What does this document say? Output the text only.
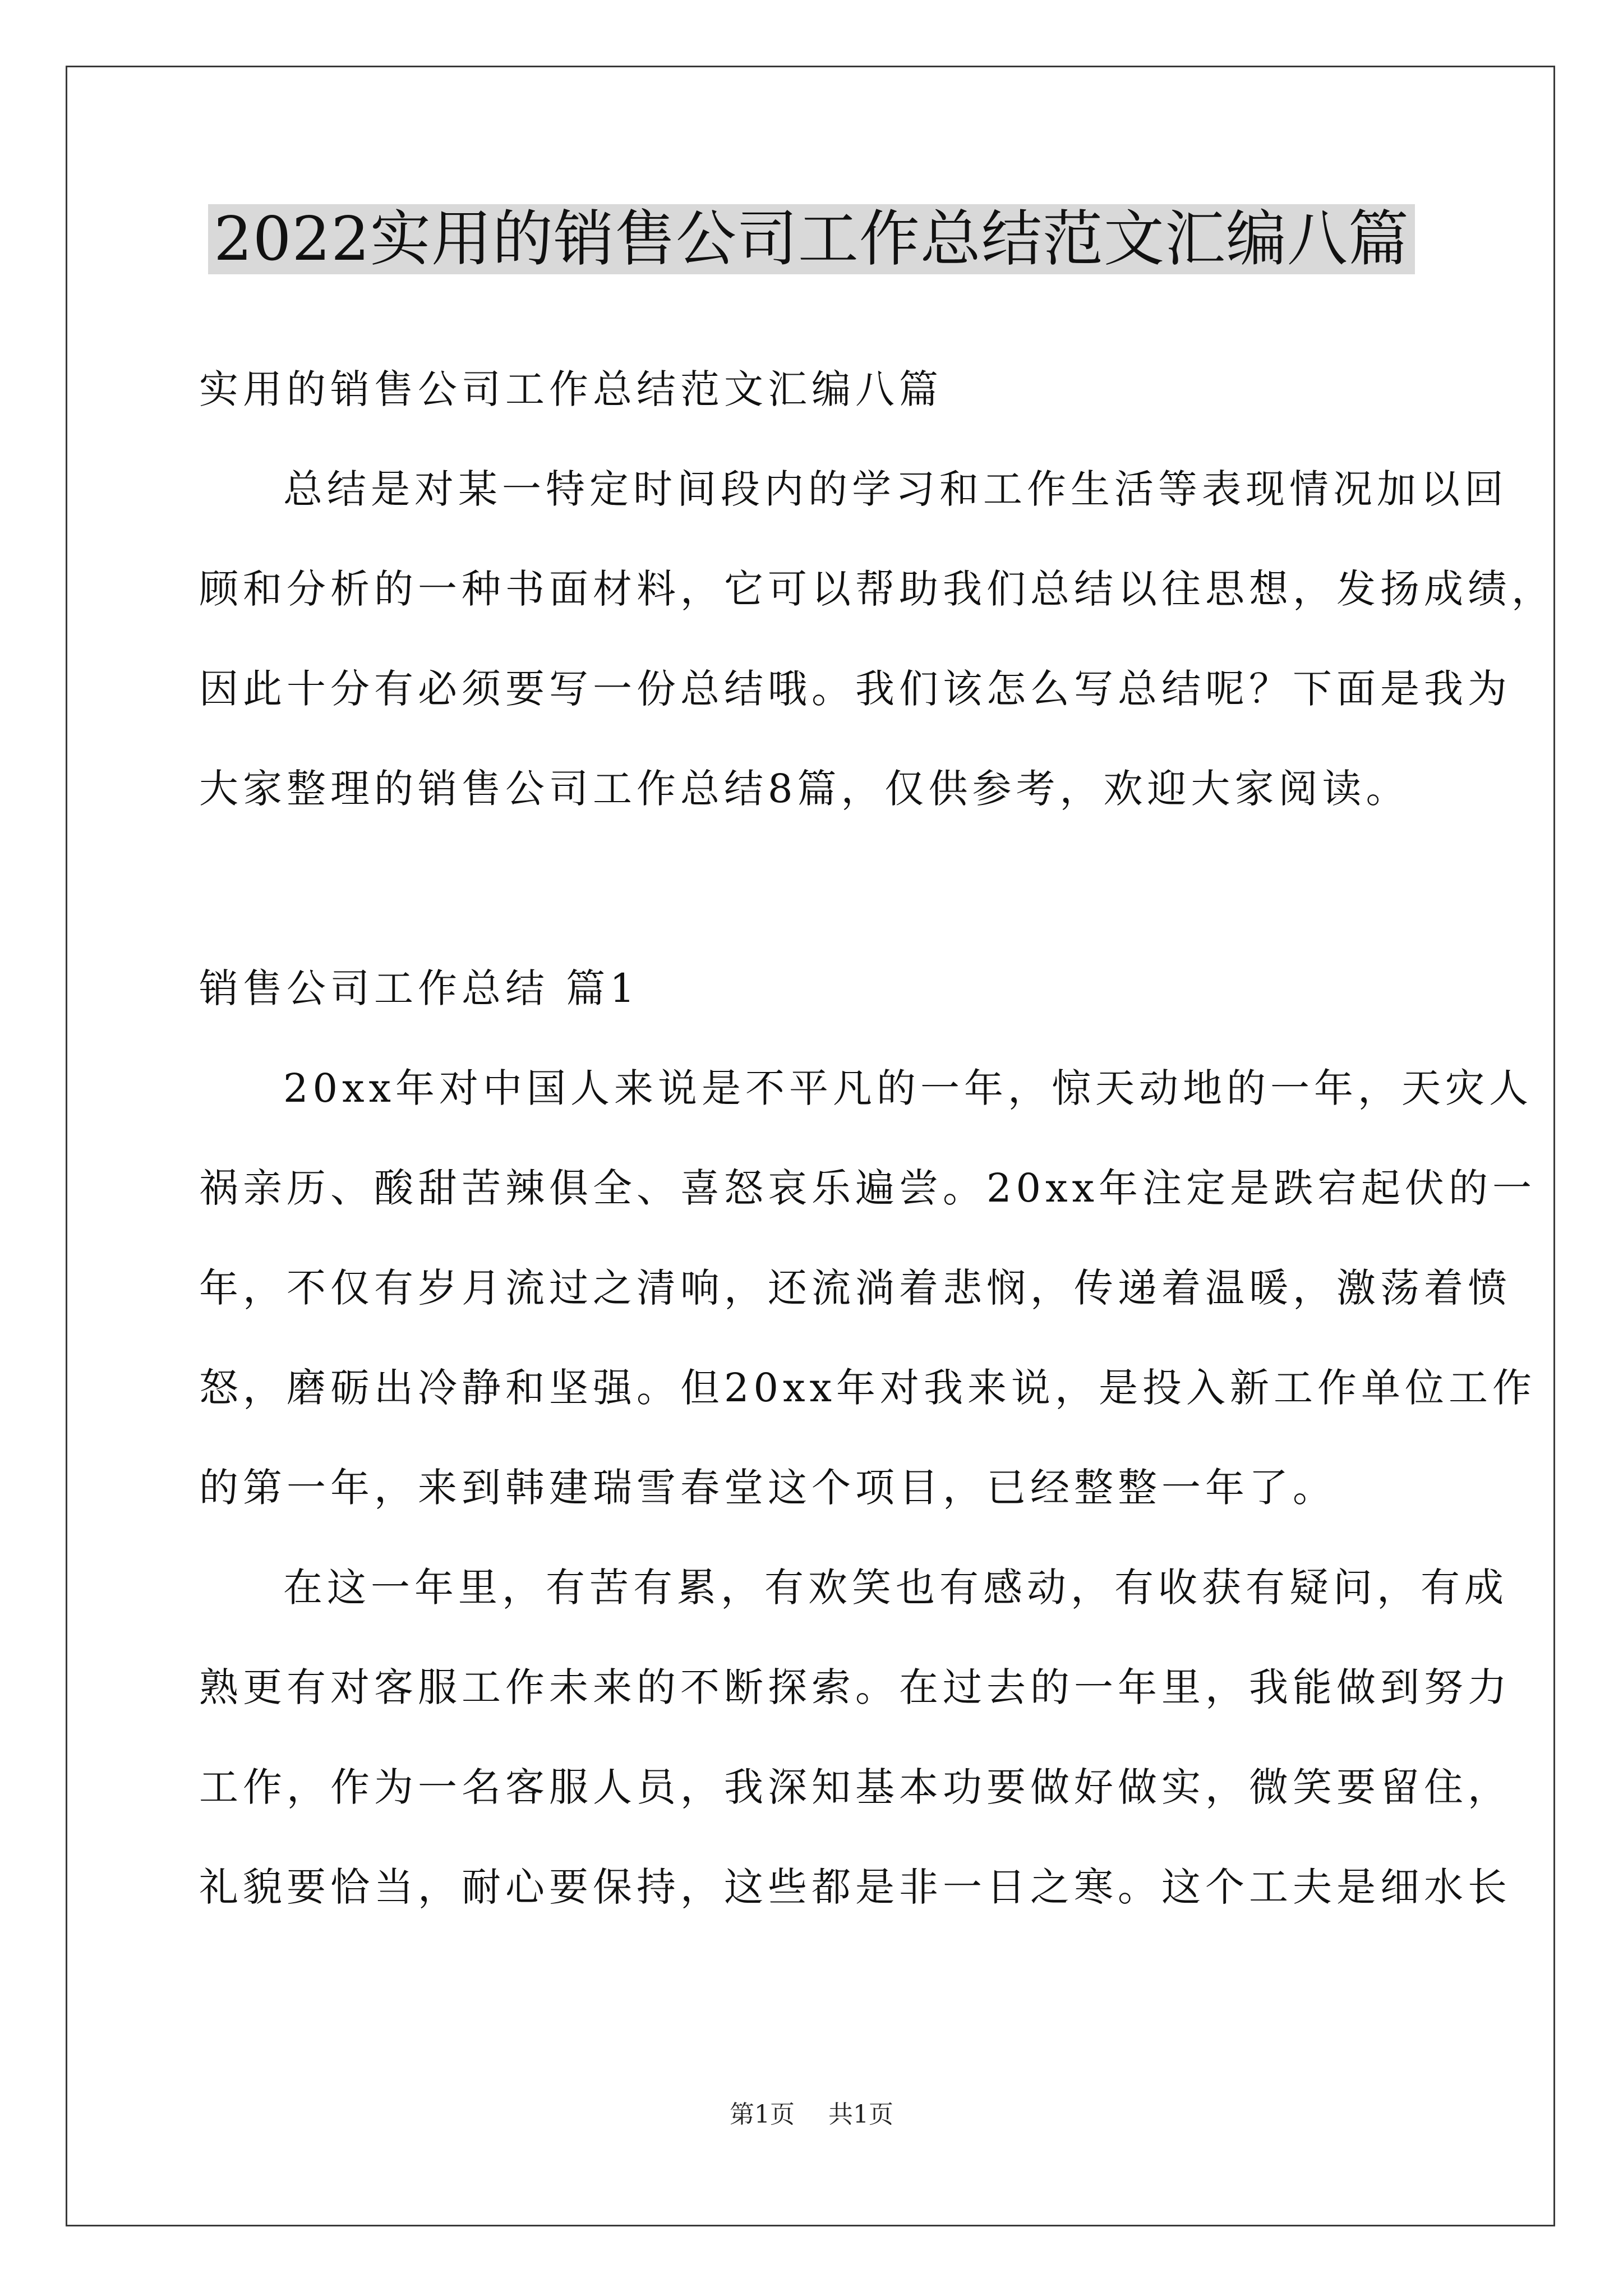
2022实用的销售公司工作总结范文汇编八篇
实用的销售公司工作总结范文汇编八篇
总结是对某一特定时间段内的学习和工作生活等表现情况加以回
顾和分析的一种书面材料，它可以帮助我们总结以往思想，发扬成绩，
因此十分有必须要写一份总结哦。我们该怎么写总结呢？下面是我为
大家整理的销售公司工作总结8篇，仅供参考，欢迎大家阅读。
销售公司工作总结 篇1
20xx年对中国人来说是不平凡的一年，惊天动地的一年，天灾人
祸亲历、酸甜苦辣俱全、喜怒哀乐遍尝。20xx年注定是跌宕起伏的一
年，不仅有岁月流过之清响，还流淌着悲悯，传递着温暖，激荡着愤
怒，磨砺出冷静和坚强。但20xx年对我来说，是投入新工作单位工作
的第一年，来到韩建瑞雪春堂这个项目，已经整整一年了。
在这一年里，有苦有累，有欢笑也有感动，有收获有疑问，有成
熟更有对客服工作未来的不断探索。在过去的一年里，我能做到努力
工作，作为一名客服人员，我深知基本功要做好做实，微笑要留住，
礼貌要恰当，耐心要保持，这些都是非一日之寒。这个工夫是细水长
第1页 共1页
